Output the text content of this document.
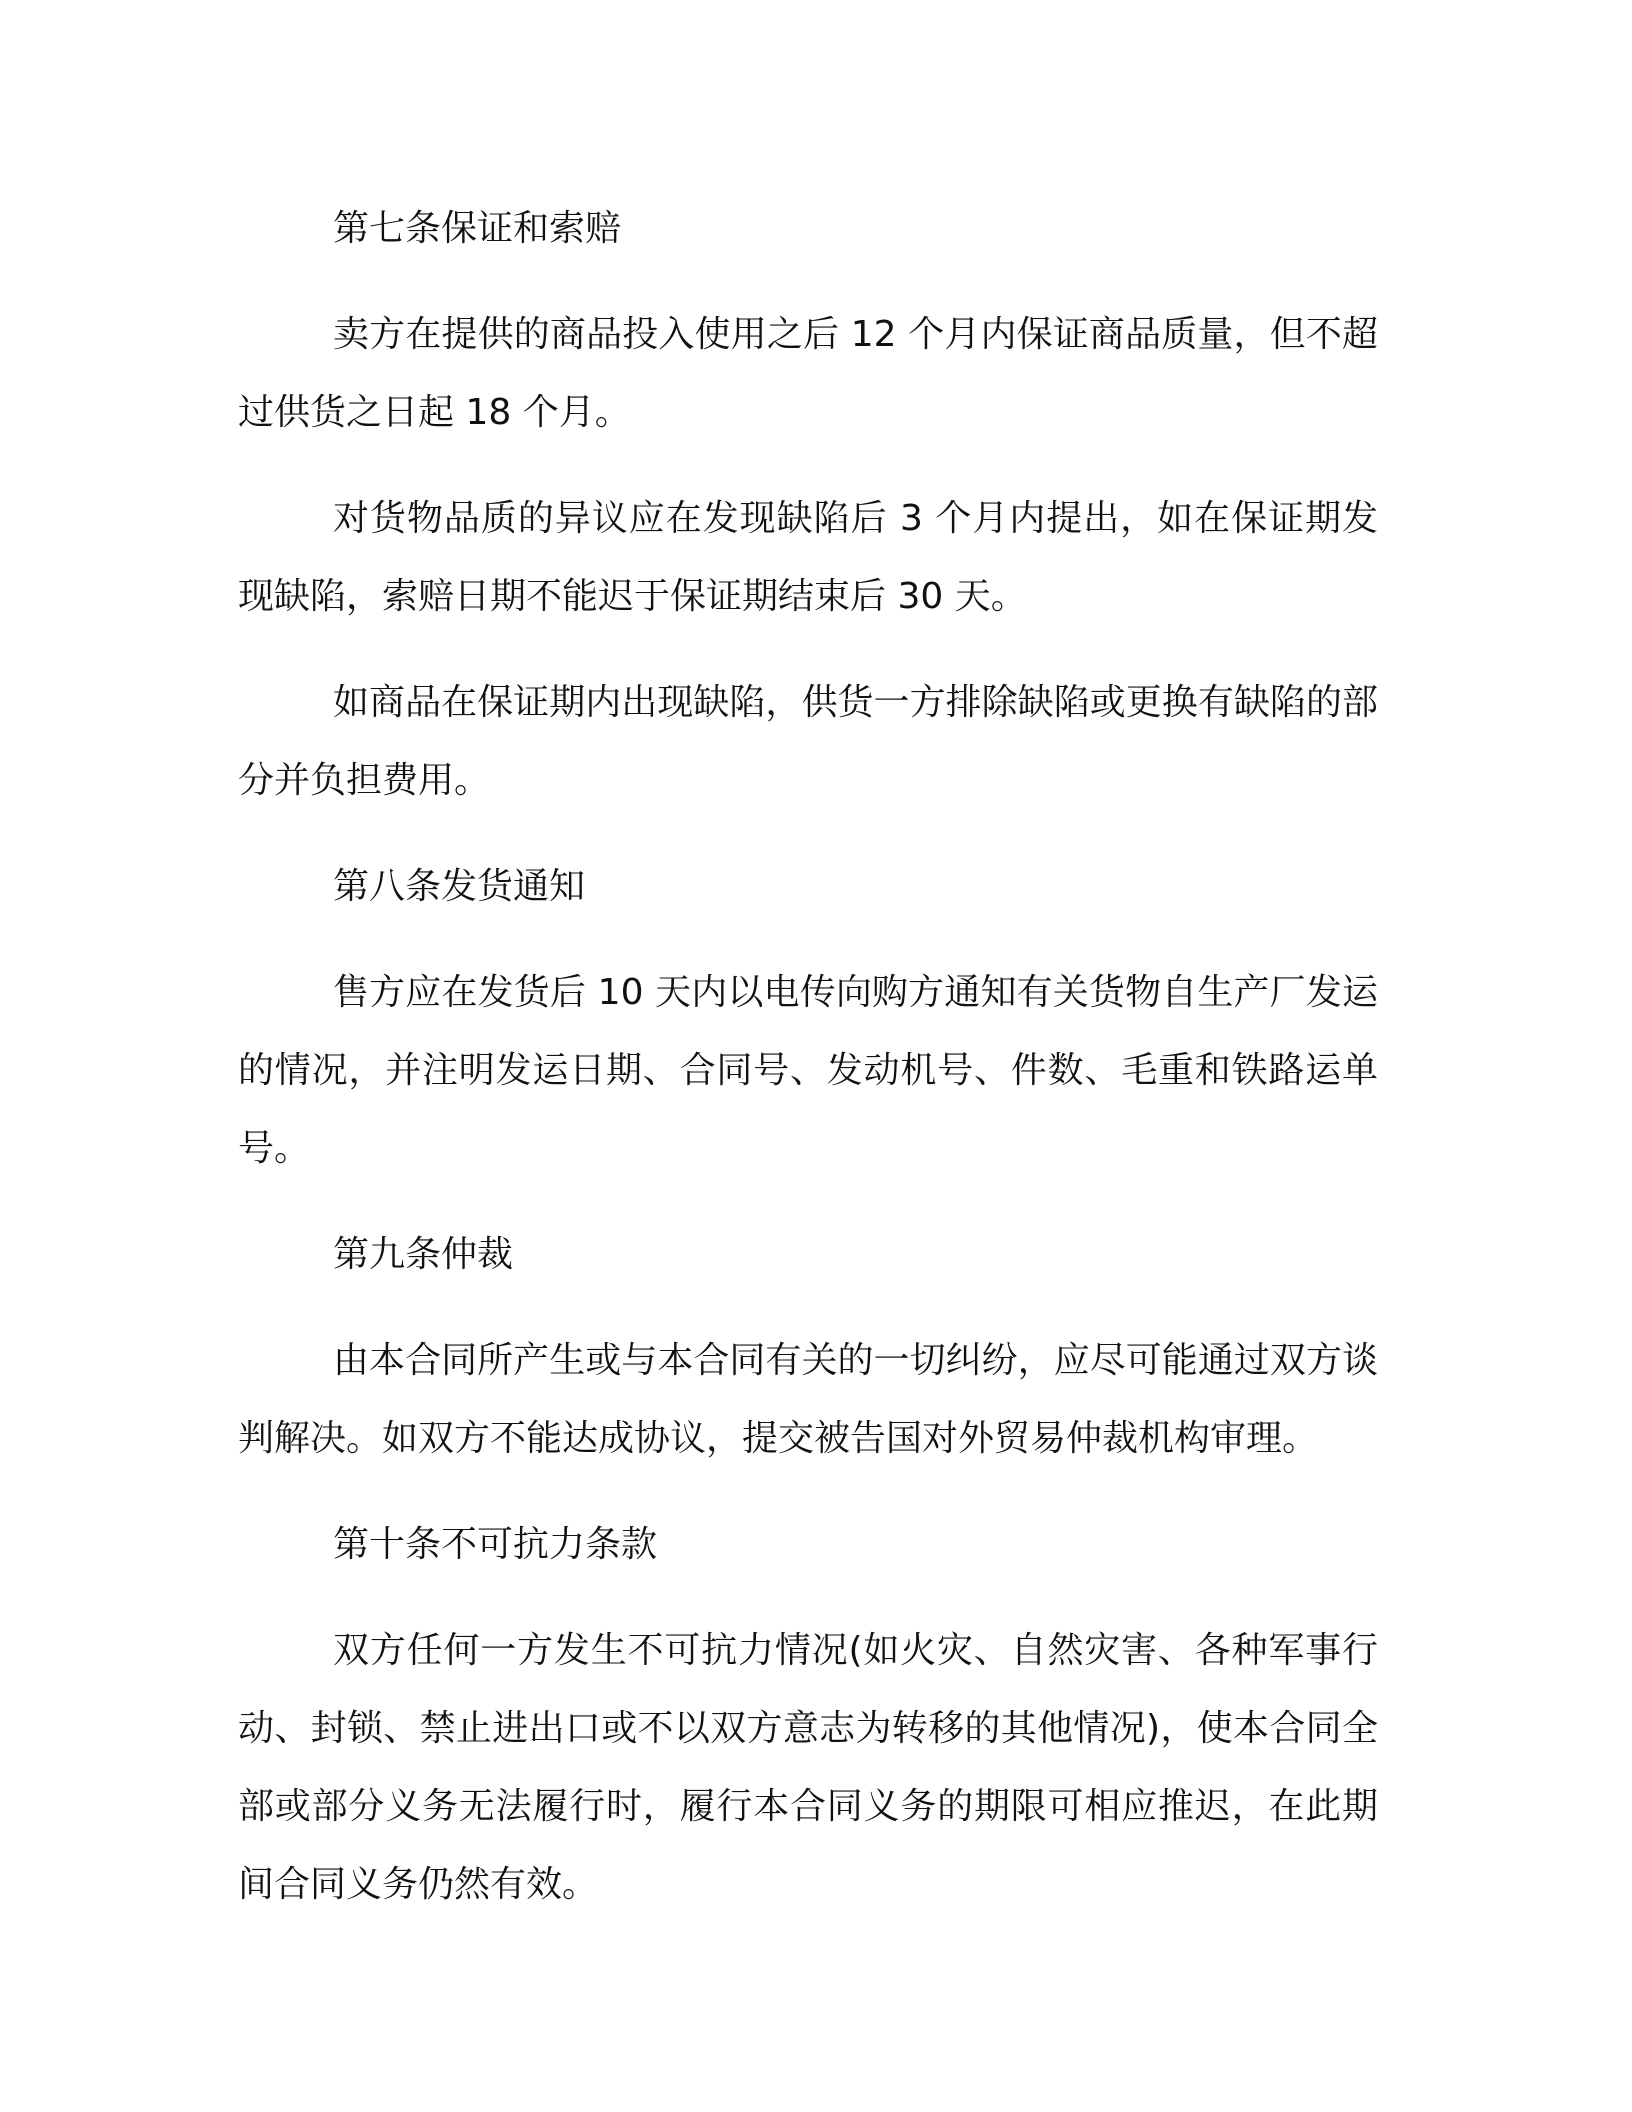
第七条保证和索赔

卖方在提供的商品投入使用之后 12 个月内保证商品质量，但不超过供货之日起 18 个月。

对货物品质的异议应在发现缺陷后 3 个月内提出，如在保证期发现缺陷，索赔日期不能迟于保证期结束后 30 天。

如商品在保证期内出现缺陷，供货一方排除缺陷或更换有缺陷的部分并负担费用。

第八条发货通知

售方应在发货后 10 天内以电传向购方通知有关货物自生产厂发运的情况，并注明发运日期、合同号、发动机号、件数、毛重和铁路运单号。

第九条仲裁

由本合同所产生或与本合同有关的一切纠纷，应尽可能通过双方谈判解决。如双方不能达成协议，提交被告国对外贸易仲裁机构审理。

第十条不可抗力条款

双方任何一方发生不可抗力情况(如火灾、自然灾害、各种军事行动、封锁、禁止进出口或不以双方意志为转移的其他情况)，使本合同全部或部分义务无法履行时，履行本合同义务的期限可相应推迟，在此期间合同义务仍然有效。
